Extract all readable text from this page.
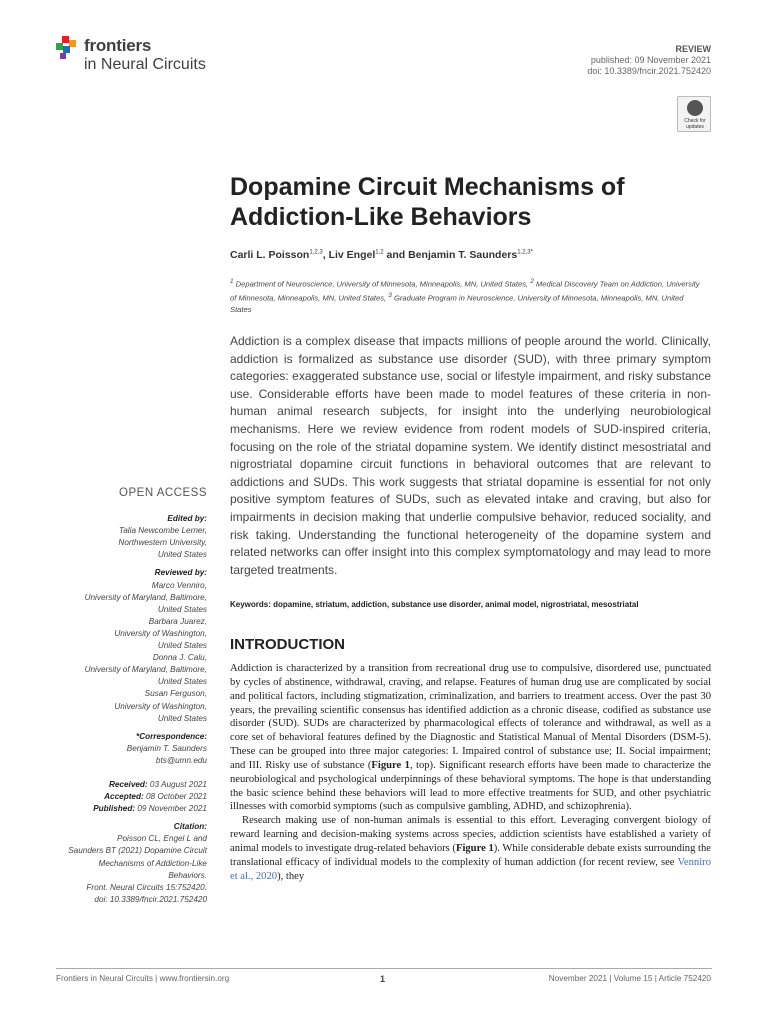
frontiers
in Neural Circuits
REVIEW
published: 09 November 2021
doi: 10.3389/fncir.2021.752420
Check for updates
Dopamine Circuit Mechanisms of Addiction-Like Behaviors
Carli L. Poisson$^{1,2,3}$, Liv Engel$^{1,2}$ and Benjamin T. Saunders$^{1,2,3*}$
$^1$ Department of Neuroscience, University of Minnesota, Minneapolis, MN, United States, $^2$ Medical Discovery Team on Addiction, University of Minnesota, Minneapolis, MN, United States, $^3$ Graduate Program in Neuroscience, University of Minnesota, Minneapolis, MN, United States

Addiction is a complex disease that impacts millions of people around the world. Clinically, addiction is formalized as substance use disorder (SUD), with three primary symptom categories: exaggerated substance use, social or lifestyle impairment, and risky substance use. Considerable efforts have been made to model features of these criteria in non-human animal research subjects, for insight into the underlying neurobiological mechanisms. Here we review evidence from rodent models of SUD-inspired criteria, focusing on the role of the striatal dopamine system. We identify distinct mesostriatal and nigrostriatal dopamine circuit functions in behavioral outcomes that are relevant to addictions and SUDs. This work suggests that striatal dopamine is essential for not only positive symptom features of SUDs, such as elevated intake and craving, but also for impairments in decision making that underlie compulsive behavior, reduced sociality, and risk taking. Understanding the functional heterogeneity of the dopamine system and related networks can offer insight into this complex symptomatology and may lead to more targeted treatments.

Keywords: dopamine, striatum, addiction, substance use disorder, animal model, nigrostriatal, mesostriatal
INTRODUCTION

Addiction is characterized by a transition from recreational drug use to compulsive, disordered use, punctuated by cycles of abstinence, withdrawal, craving, and relapse. Features of human drug use are complicated by social and political factors, including stigmatization, criminalization, and barriers to treatment access. Over the past 30 years, the prevailing scientific consensus has identified addiction as a chronic disease, codified as substance use disorder (SUD). SUDs are characterized by pharmacological effects of tolerance and withdrawal, as well as a core set of behavioral features defined by the Diagnostic and Statistical Manual of Mental Disorders (DSM-5). These can be grouped into three major categories: I. Impaired control of substance use; II. Social impairment; and III. Risky use of substance (Figure 1, top). Significant research efforts have been made to characterize the neurobiological and psychological underpinnings of these behavioral symptoms. The hope is that understanding the basic science behind these behaviors will lead to more effective treatments for SUD, and other psychiatric illnesses with comorbid symptoms (such as compulsive gambling, ADHD, and schizophrenia).

Research making use of non-human animals is essential to this effort. Leveraging convergent biology of reward learning and decision-making systems across species, addiction scientists have established a variety of animal models to investigate drug-related behaviors (Figure 1). While considerable debate exists surrounding the translational efficacy of individual models to the complexity of human addiction (for recent review, see Venniro et al., 2020), they

OPEN ACCESS
Edited by:
Talia Newcombe Lerner,
Northwestern University,
United States
Reviewed by:
Marco Venniro,
University of Maryland, Baltimore,
United States
Barbara Juarez,
University of Washington,
United States
Donna J. Calu,
University of Maryland, Baltimore,
United States
Susan Ferguson,
University of Washington,
United States
*Correspondence:
Benjamin T. Saunders
bts@umn.edu
Received: 03 August 2021
Accepted: 08 October 2021
Published: 09 November 2021
Citation:
Poisson CL, Engel L and
Saunders BT (2021) Dopamine Circuit
Mechanisms of Addiction-Like
Behaviors.
Front. Neural Circuits 15:752420.
doi: 10.3389/fncir.2021.752420
Frontiers in Neural Circuits | www.frontiersin.org	1	November 2021 | Volume 15 | Article 752420
